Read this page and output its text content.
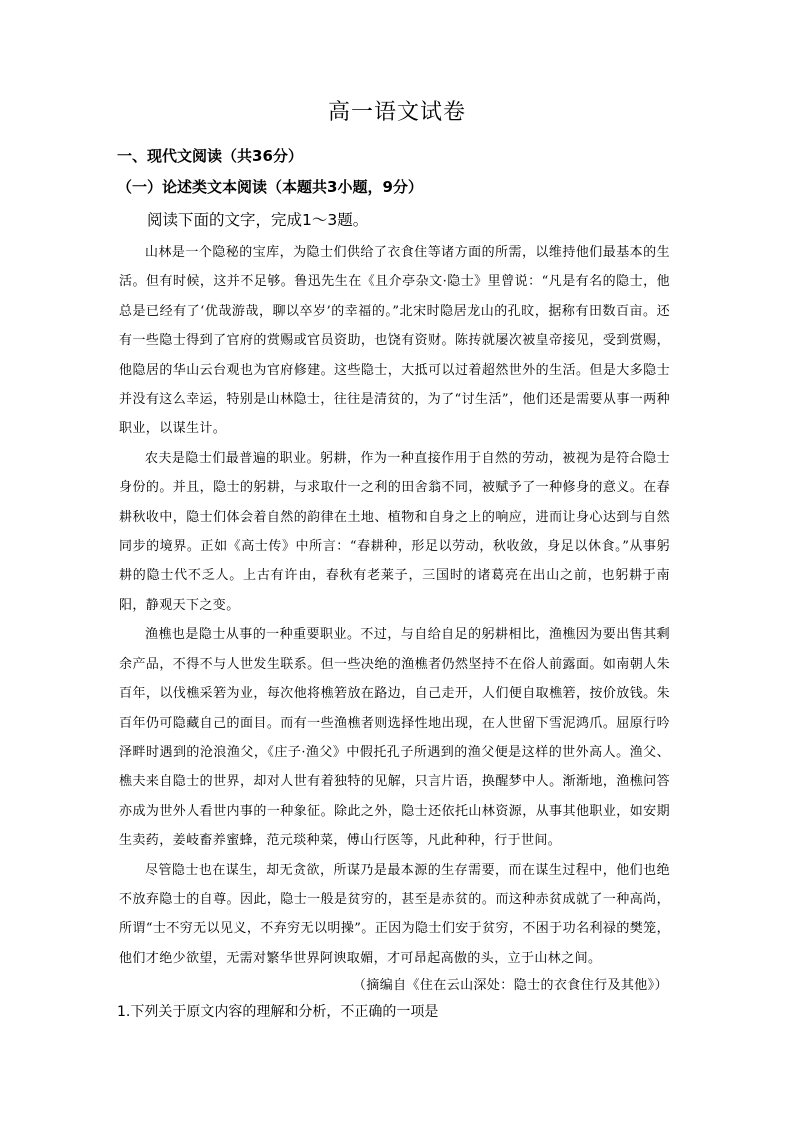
高一语文试卷
一、现代文阅读（共36分）
（一）论述类文本阅读（本题共3小题，9分）
阅读下面的文字，完成1～3题。

山林是一个隐秘的宝库，为隐士们供给了衣食住等诸方面的所需，以维持他们最基本的生活。但有时候，这并不足够。鲁迅先生在《且介亭杂文·隐士》里曾说：“凡是有名的隐士，他总是已经有了‘优哉游哉，聊以卒岁’的幸福的。”北宋时隐居龙山的孔旼，据称有田数百亩。还有一些隐士得到了官府的赏赐或官员资助，也饶有资财。陈抟就屡次被皇帝接见，受到赏赐，他隐居的华山云台观也为官府修建。这些隐士，大抵可以过着超然世外的生活。但是大多隐士并没有这么幸运，特别是山林隐士，往往是清贫的，为了“讨生活”，他们还是需要从事一两种职业，以谋生计。

农夫是隐士们最普遍的职业。躬耕，作为一种直接作用于自然的劳动，被视为是符合隐士身份的。并且，隐士的躬耕，与求取什一之利的田舍翁不同，被赋予了一种修身的意义。在春耕秋收中，隐士们体会着自然的韵律在土地、植物和自身之上的响应，进而让身心达到与自然同步的境界。正如《高士传》中所言：“春耕种，形足以劳动，秋收敛，身足以休食。”从事躬耕的隐士代不乏人。上古有许由，春秋有老莱子，三国时的诸葛亮在出山之前，也躬耕于南阳，静观天下之变。

渔樵也是隐士从事的一种重要职业。不过，与自给自足的躬耕相比，渔樵因为要出售其剩余产品，不得不与人世发生联系。但一些决绝的渔樵者仍然坚持不在俗人前露面。如南朝人朱百年，以伐樵采箬为业，每次他将樵箬放在路边，自己走开，人们便自取樵箬，按价放钱。朱百年仍可隐藏自己的面目。而有一些渔樵者则选择性地出现，在人世留下雪泥鸿爪。屈原行吟泽畔时遇到的沧浪渔父，《庄子·渔父》中假托孔子所遇到的渔父便是这样的世外高人。渔父、樵夫来自隐士的世界，却对人世有着独特的见解，只言片语，换醒梦中人。渐渐地，渔樵问答亦成为世外人看世内事的一种象征。除此之外，隐士还依托山林资源，从事其他职业，如安期生卖药，姜岐畜养蜜蜂，范元琰种菜，傅山行医等，凡此种种，行于世间。

尽管隐士也在谋生，却无贪欲，所谋乃是最本源的生存需要，而在谋生过程中，他们也绝不放弃隐士的自尊。因此，隐士一般是贫穷的，甚至是赤贫的。而这种赤贫成就了一种高尚，所谓“士不穷无以见义，不弃穷无以明操”。正因为隐士们安于贫穷，不困于功名利禄的樊笼，他们才绝少欲望，无需对繁华世界阿谀取媚，才可昂起高傲的头，立于山林之间。

（摘编自《住在云山深处：隐士的衣食住行及其他》）
1.下列关于原文内容的理解和分析，不正确的一项是
